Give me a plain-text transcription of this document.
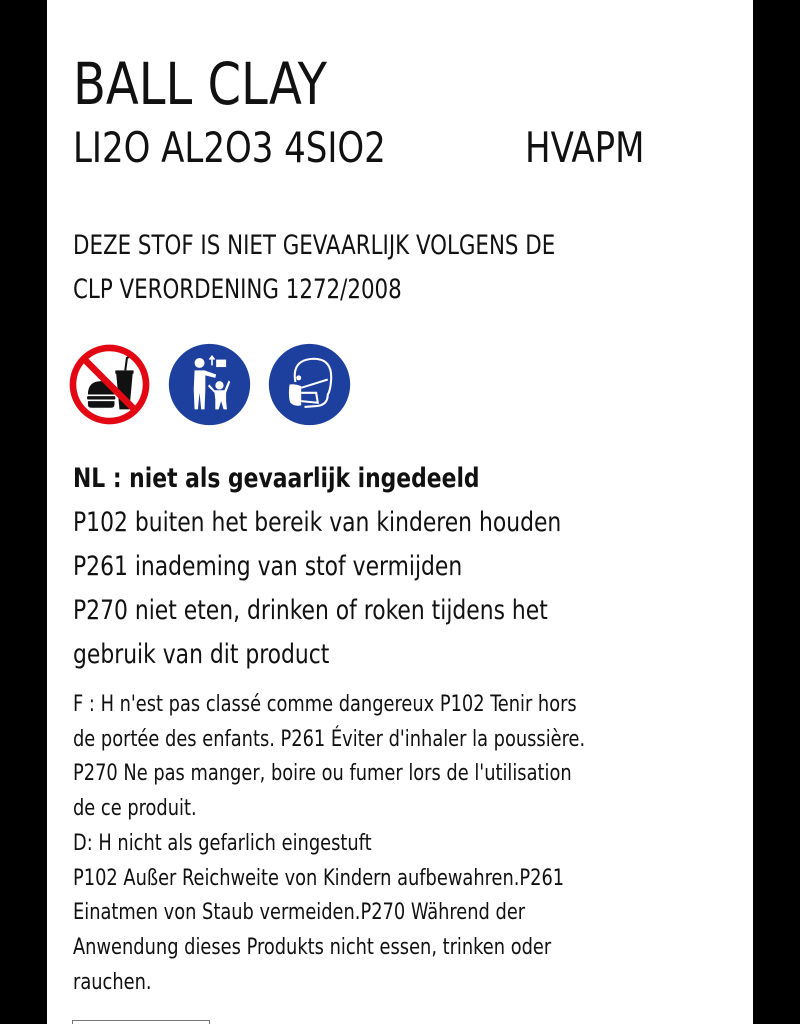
BALL CLAY
LI2O AL2O3 4SIO2	HVAPM
DEZE STOF IS NIET GEVAARLIJK VOLGENS DE
CLP VERORDENING 1272/2008
NL : niet als gevaarlijk ingedeeld
P102 buiten het bereik van kinderen houden
P261 inademing van stof vermijden
P270 niet eten, drinken of roken tijdens het
gebruik van dit product
F : H n'est pas classé comme dangereux P102 Tenir hors
de portée des enfants. P261 Éviter d'inhaler la poussière.
P270 Ne pas manger, boire ou fumer lors de l'utilisation
de ce produit.
D: H nicht als gefarlich eingestuft
P102 Außer Reichweite von Kindern aufbewahren.P261
Einatmen von Staub vermeiden.P270 Während der
Anwendung dieses Produkts nicht essen, trinken oder
rauchen.
